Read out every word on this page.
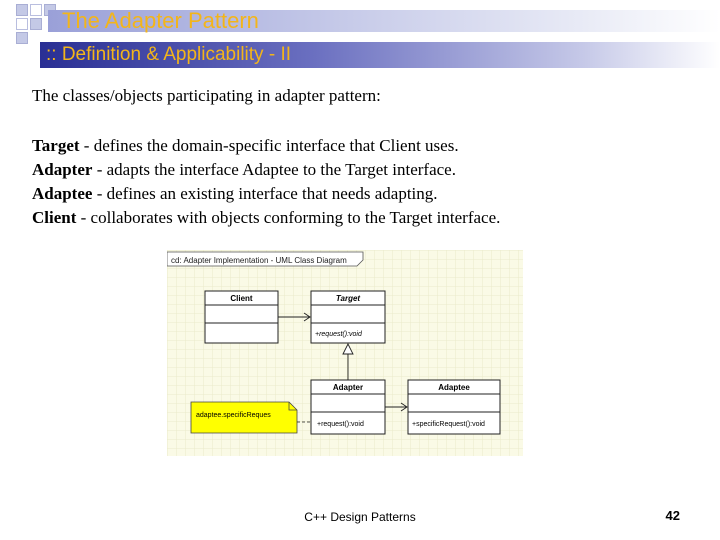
The Adapter Pattern
:: Definition & Applicability - II
The classes/objects participating in adapter pattern:
Target - defines the domain-specific interface that Client uses.
Adapter - adapts the interface Adaptee to the Target interface.
Adaptee - defines an existing interface that needs adapting.
Client - collaborates with objects conforming to the Target interface.
cd: Adapter Implementation - UML Class Diagram
Client	Target
+request():void
Adapter
+request():void
Adaptee
+specificRequest():void
adaptee.specificReques
C++ Design Patterns	42
